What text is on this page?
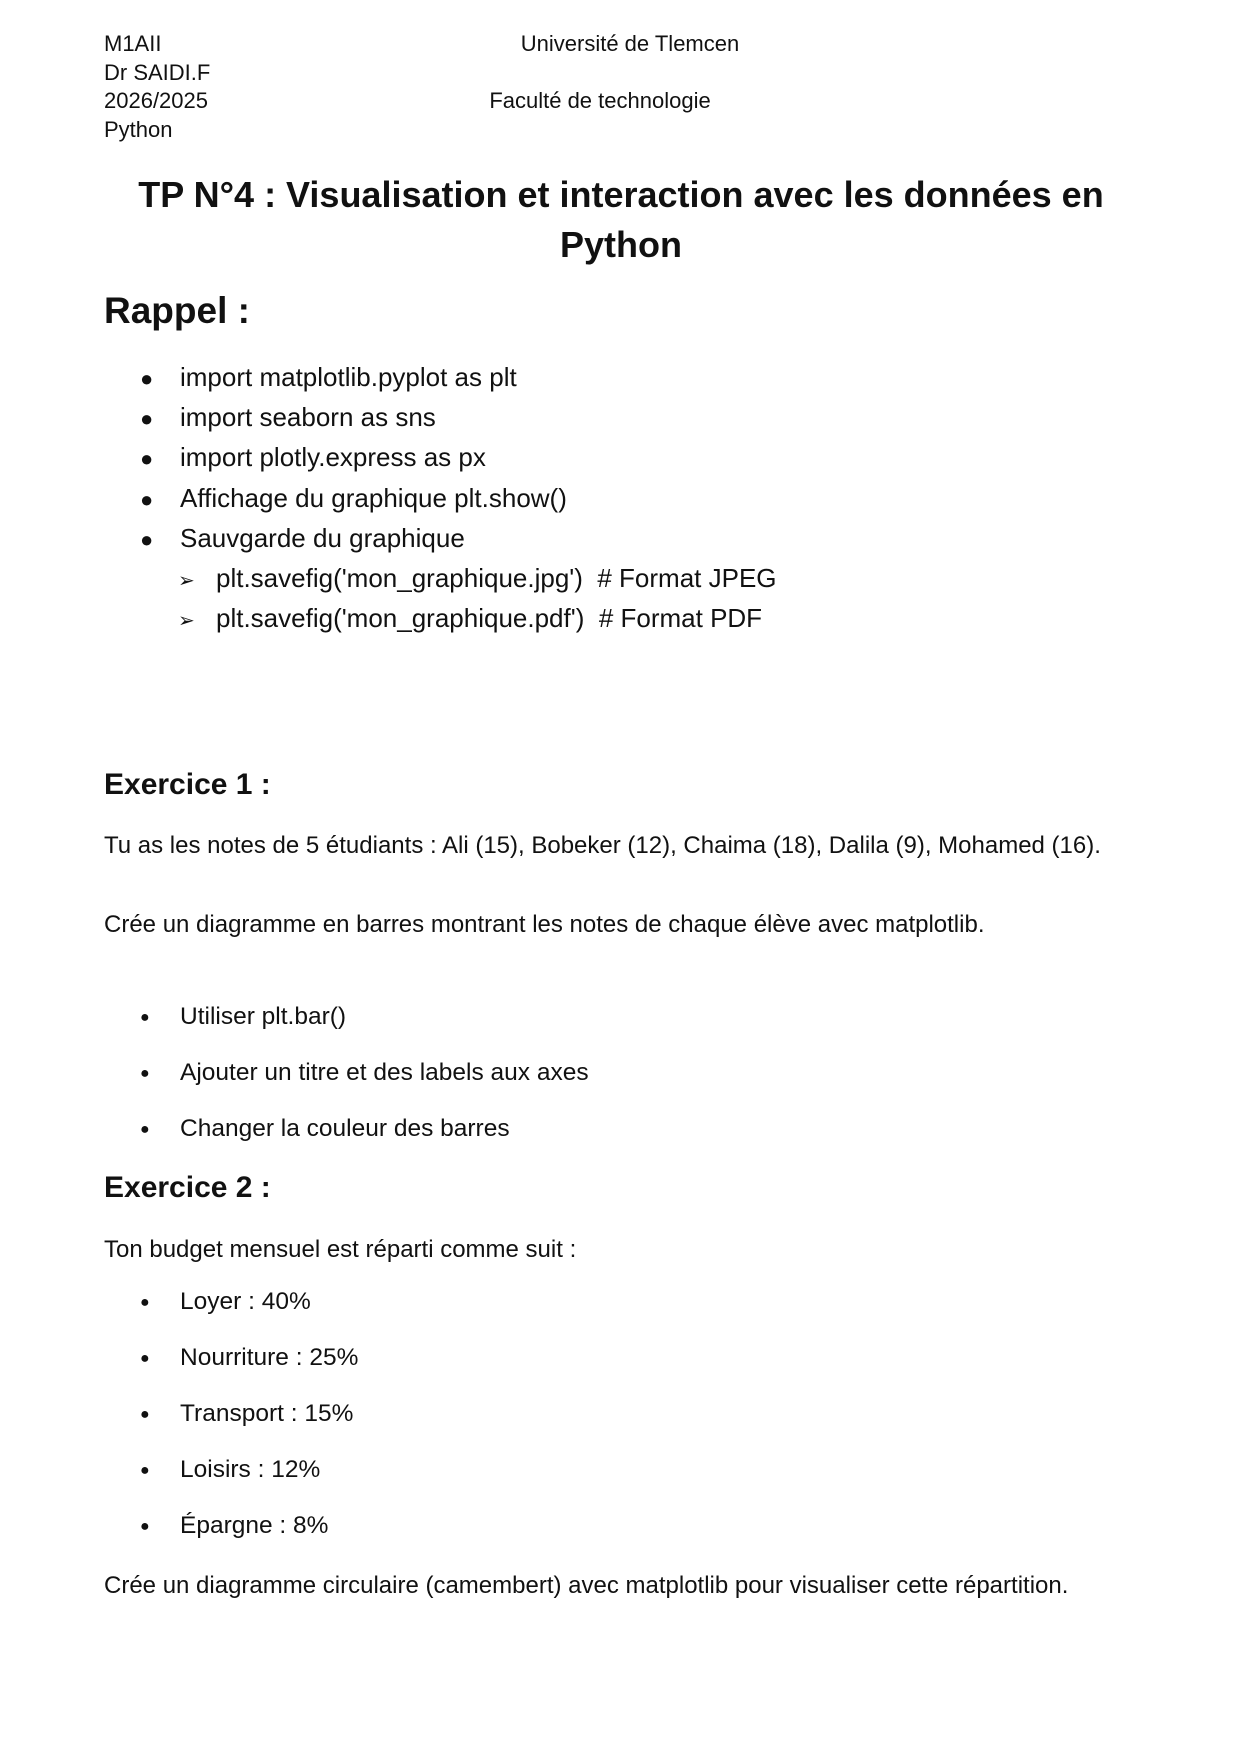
M1AII
Dr SAIDI.F
2026/2025
Python
Université de Tlemcen
Faculté de technologie
TP N°4 : Visualisation et interaction avec les données en
Python
Rappel :
● import matplotlib.pyplot as plt
● import seaborn as sns
● import plotly.express as px
● Affichage du graphique plt.show()
● Sauvgarde du graphique
➢ plt.savefig('mon_graphique.jpg')  # Format JPEG
➢ plt.savefig('mon_graphique.pdf')  # Format PDF
Exercice 1 :
Tu as les notes de 5 étudiants : Ali (15), Bobeker (12), Chaima (18), Dalila (9), Mohamed (16).
Crée un diagramme en barres montrant les notes de chaque élève avec matplotlib.
● Utiliser plt.bar()
● Ajouter un titre et des labels aux axes
● Changer la couleur des barres
Exercice 2 :
Ton budget mensuel est réparti comme suit :
● Loyer : 40%
● Nourriture : 25%
● Transport : 15%
● Loisirs : 12%
● Épargne : 8%
Crée un diagramme circulaire (camembert) avec matplotlib pour visualiser cette répartition.
